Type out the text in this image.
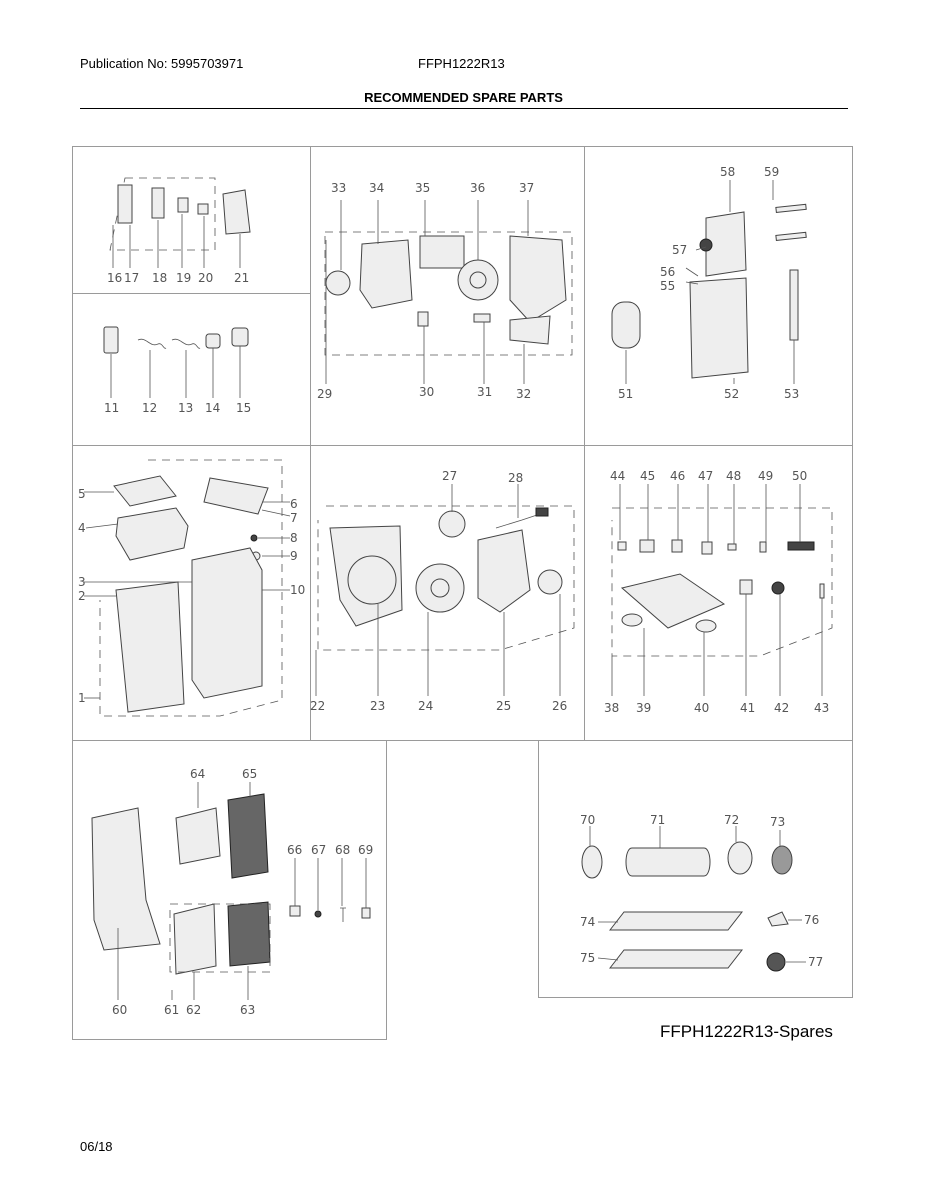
Publication No: 5995703971	FFPH1222R13
RECOMMENDED SPARE PARTS
16 17 18 19 20 21
11 12 13 14 15
33 34	35	36	37
29	30	31 32
58 59
57
56
55
51	52	53
5
4
6
7
8
9
3
2	10
1
27	28
22	23	24	25	26
44 45 46 47 48 49 50
38 39	40	41 42 43
64	65
66 67 68 69
60	61 62	63
70	71	72	73
74	76
75	77
FFPH1222R13-Spares
06/18
